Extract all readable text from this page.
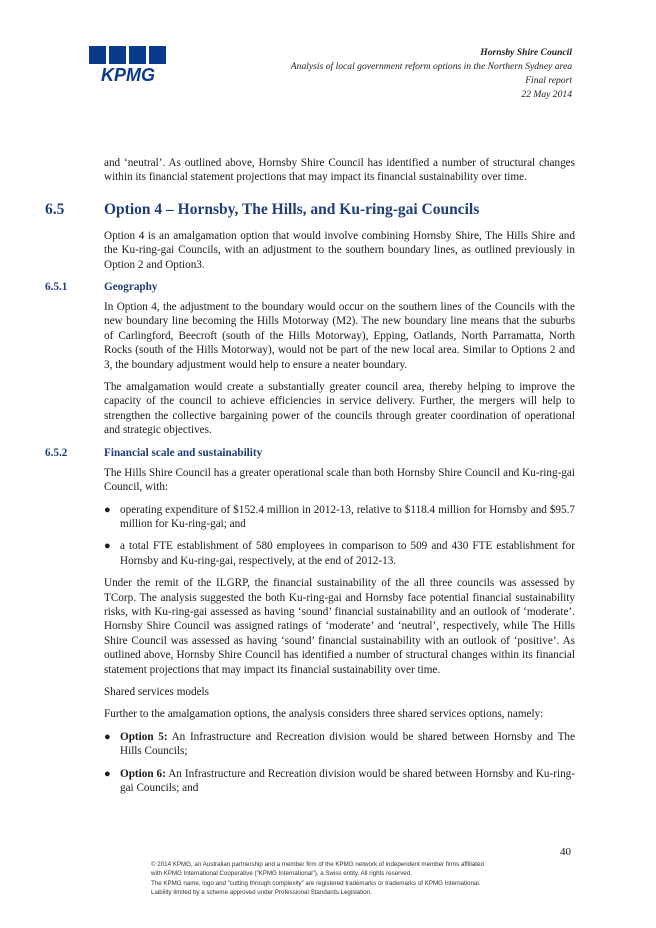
KPMG
Hornsby Shire Council
Analysis of local government reform options in the Northern Sydney area
Final report
22 May 2014

and ‘neutral’. As outlined above, Hornsby Shire Council has identified a number of structural changes within its financial statement projections that may impact its financial sustainability over time.

6.5	Option 4 – Hornsby, The Hills, and Ku-ring-gai Councils

Option 4 is an amalgamation option that would involve combining Hornsby Shire, The Hills Shire and the Ku-ring-gai Councils, with an adjustment to the southern boundary lines, as outlined previously in Option 2 and Option3.

6.5.1	Geography

In Option 4, the adjustment to the boundary would occur on the southern lines of the Councils with the new boundary line becoming the Hills Motorway (M2). The new boundary line means that the suburbs of Carlingford, Beecroft (south of the Hills Motorway), Epping, Oatlands, North Parramatta, North Rocks (south of the Hills Motorway), would not be part of the new local area. Similar to Options 2 and 3, the boundary adjustment would help to ensure a neater boundary.

The amalgamation would create a substantially greater council area, thereby helping to improve the capacity of the council to achieve efficiencies in service delivery. Further, the mergers will help to strengthen the collective bargaining power of the councils through greater coordination of operational and strategic objectives.

6.5.2	Financial scale and sustainability

The Hills Shire Council has a greater operational scale than both Hornsby Shire Council and Ku-ring-gai Council, with:

● operating expenditure of $152.4 million in 2012-13, relative to $118.4 million for Hornsby and $95.7 million for Ku-ring-gai; and
● a total FTE establishment of 580 employees in comparison to 509 and 430 FTE establishment for Hornsby and Ku-ring-gai, respectively, at the end of 2012-13.

Under the remit of the ILGRP, the financial sustainability of the all three councils was assessed by TCorp. The analysis suggested the both Ku-ring-gai and Hornsby face potential financial sustainability risks, with Ku-ring-gai assessed as having ‘sound’ financial sustainability and an outlook of ‘moderate’. Hornsby Shire Council was assigned ratings of ‘moderate’ and ‘neutral’, respectively, while The Hills Shire Council was assessed as having ‘sound’ financial sustainability with an outlook of ‘positive’. As outlined above, Hornsby Shire Council has identified a number of structural changes within its financial statement projections that may impact its financial sustainability over time.

Shared services models

Further to the amalgamation options, the analysis considers three shared services options, namely:

● Option 5: An Infrastructure and Recreation division would be shared between Hornsby and The Hills Councils;
● Option 6: An Infrastructure and Recreation division would be shared between Hornsby and Ku-ring-gai Councils; and
40
© 2014 KPMG, an Australian partnership and a member firm of the KPMG network of independent member firms affiliated
with KPMG International Cooperative (“KPMG International”), a Swiss entity. All rights reserved.
The KPMG name, logo and “cutting through complexity” are registered trademarks or trademarks of KPMG International.
Liability limited by a scheme approved under Professional Standards Legislation.
